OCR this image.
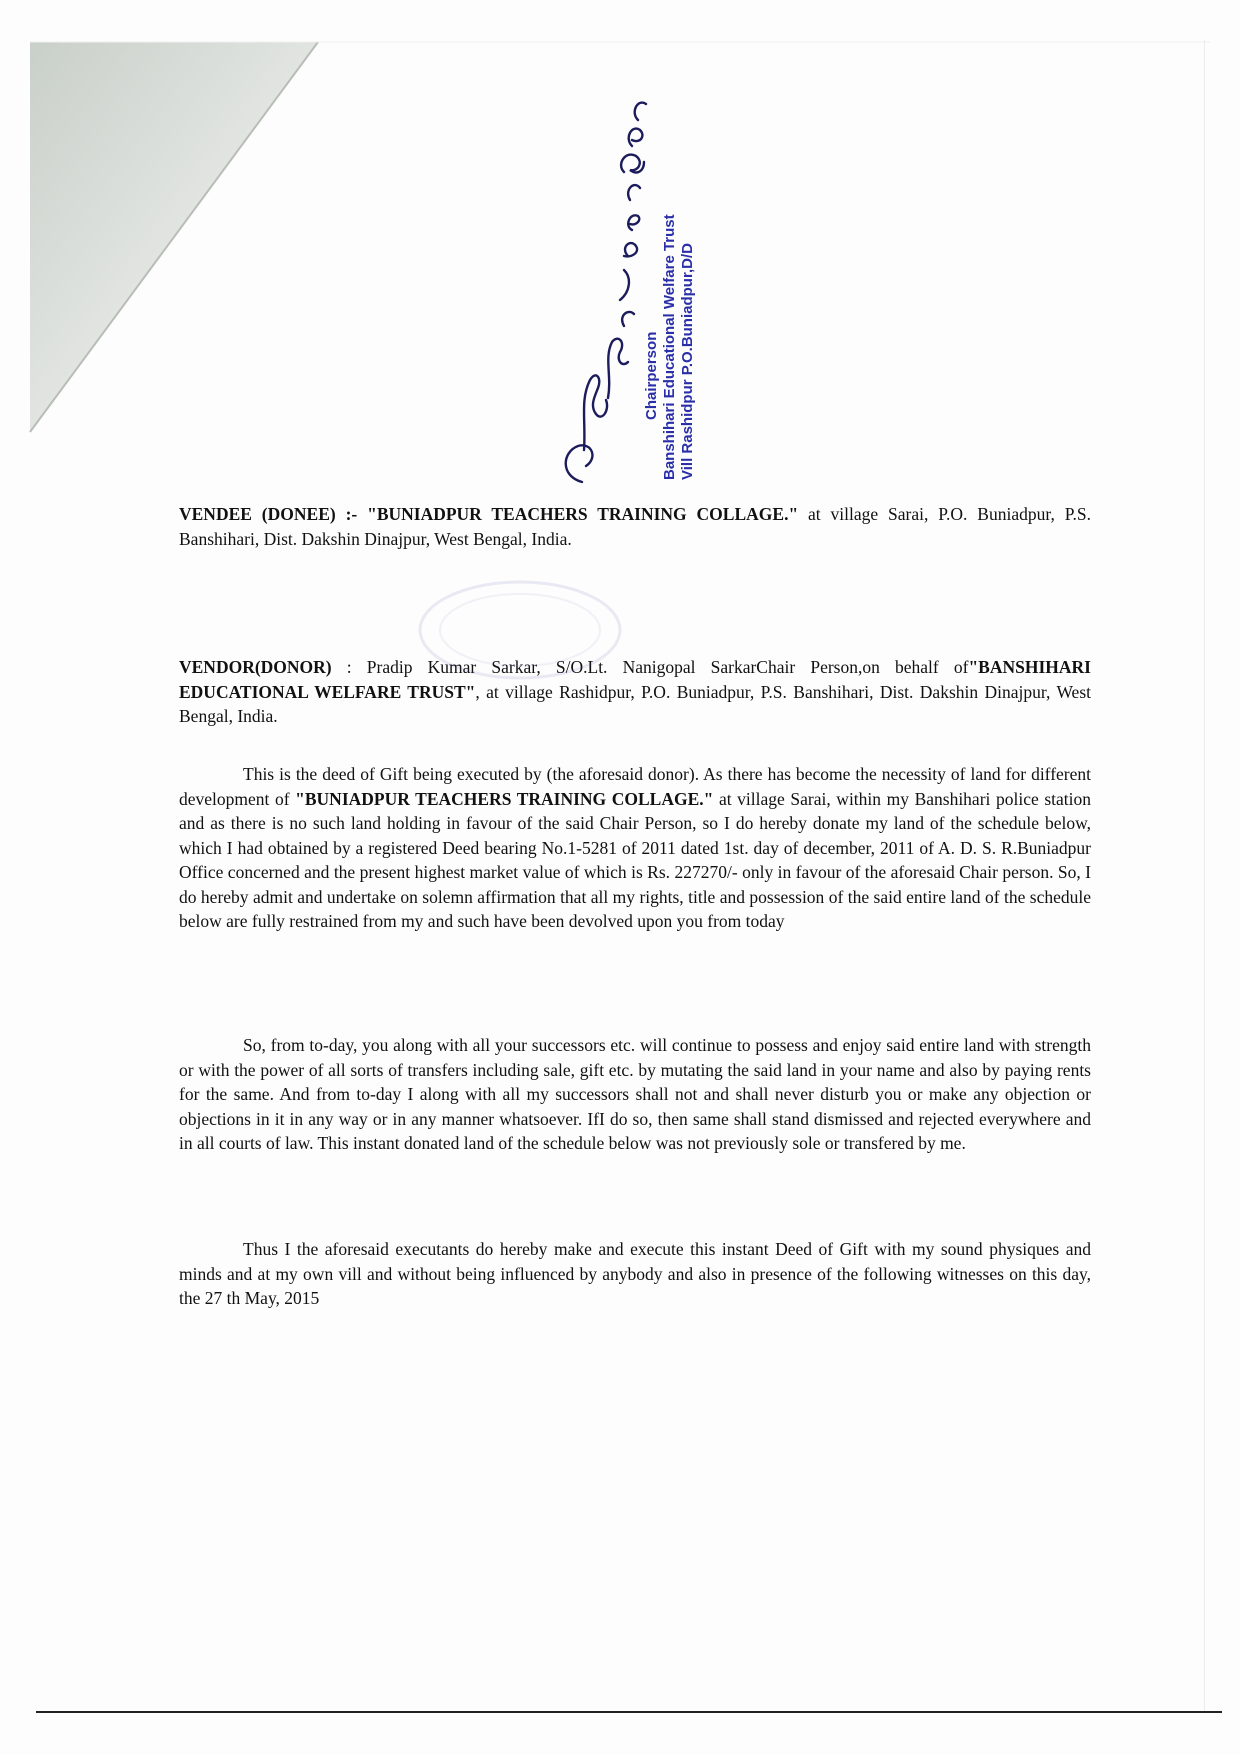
Chairperson Banshihari Educational Welfare Trust Vill Rashidpur P.O.Buniadpur,D/D

VENDEE (DONEE) :- "BUNIADPUR TEACHERS TRAINING COLLAGE." at village Sarai, P.O. Buniadpur, P.S. Banshihari, Dist. Dakshin Dinajpur, West Bengal, India.

VENDOR(DONOR) : Pradip Kumar Sarkar, S/O.Lt. Nanigopal SarkarChair Person,on behalf of"BANSHIHARI EDUCATIONAL WELFARE TRUST", at village Rashidpur, P.O. Buniadpur, P.S. Banshihari, Dist. Dakshin Dinajpur, West Bengal, India.

This is the deed of Gift being executed by (the aforesaid donor). As there has become the necessity of land for different development of "BUNIADPUR TEACHERS TRAINING COLLAGE." at village Sarai, within my Banshihari police station and as there is no such land holding in favour of the said Chair Person, so I do hereby donate my land of the schedule below, which I had obtained by a registered Deed bearing No.1-5281 of 2011 dated 1st. day of december, 2011 of A. D. S. R.Buniadpur Office concerned and the present highest market value of which is Rs. 227270/- only in favour of the aforesaid Chair person. So, I do hereby admit and undertake on solemn affirmation that all my rights, title and possession of the said entire land of the schedule below are fully restrained from my and such have been devolved upon you from today

So, from to-day, you along with all your successors etc. will continue to possess and enjoy said entire land with strength or with the power of all sorts of transfers including sale, gift etc. by mutating the said land in your name and also by paying rents for the same. And from to-day I along with all my successors shall not and shall never disturb you or make any objection or objections in it in any way or in any manner whatsoever. IfI do so, then same shall stand dismissed and rejected everywhere and in all courts of law. This instant donated land of the schedule below was not previously sole or transfered by me.

Thus I the aforesaid executants do hereby make and execute this instant Deed of Gift with my sound physiques and minds and at my own vill and without being influenced by anybody and also in presence of the following witnesses on this day, the 27 th May, 2015
